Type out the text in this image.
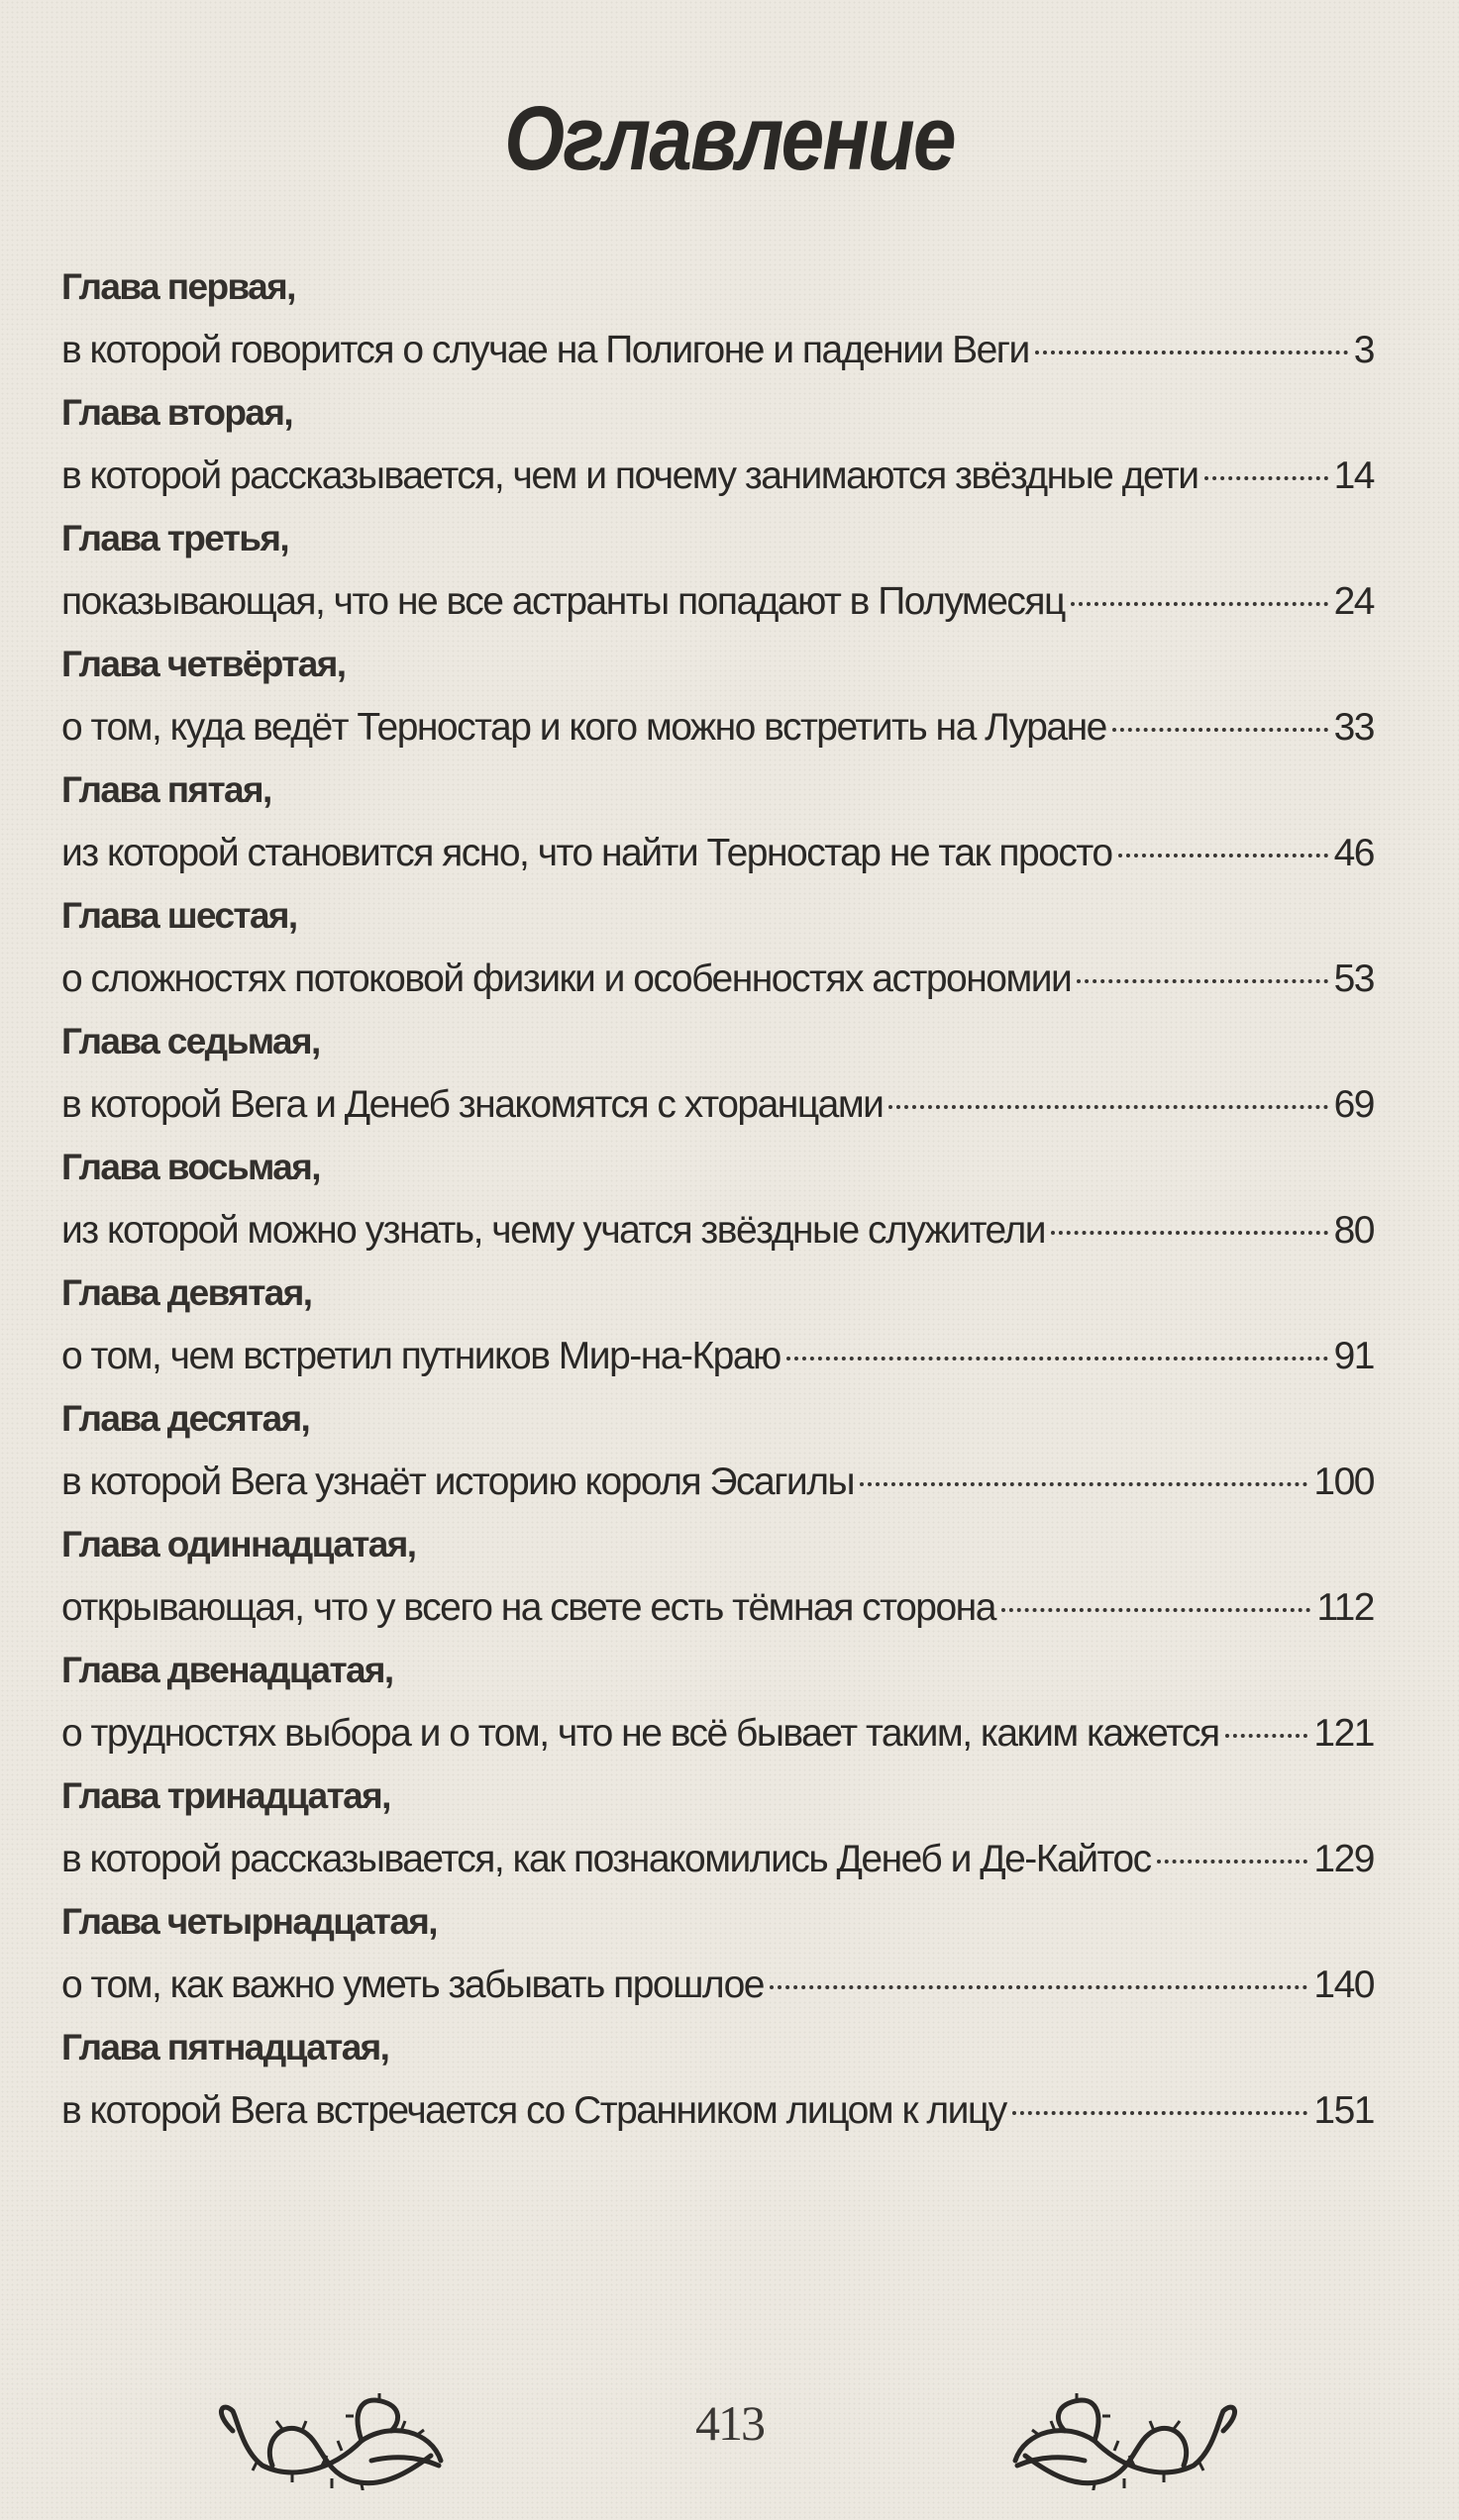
Оглавление
Глава первая,
в которой говорится о случае на Полигоне и падении Веги	3
Глава вторая,
в которой рассказывается, чем и почему занимаются звёздные дети	14
Глава третья,
показывающая, что не все астранты попадают в Полумесяц	24
Глава четвёртая,
о том, куда ведёт Терностар и кого можно встретить на Луране	33
Глава пятая,
из которой становится ясно, что найти Терностар не так просто	46
Глава шестая,
о сложностях потоковой физики и особенностях астрономии	53
Глава седьмая,
в которой Вега и Денеб знакомятся с хторанцами	69
Глава восьмая,
из которой можно узнать, чему учатся звёздные служители	80
Глава девятая,
о том, чем встретил путников Мир-на-Краю	91
Глава десятая,
в которой Вега узнаёт историю короля Эсагилы	100
Глава одиннадцатая,
открывающая, что у всего на свете есть тёмная сторона	112
Глава двенадцатая,
о трудностях выбора и о том, что не всё бывает таким, каким кажется 121
Глава тринадцатая,
в которой рассказывается, как познакомились Денеб и Де-Кайтос	129
Глава четырнадцатая,
о том, как важно уметь забывать прошлое	140
Глава пятнадцатая,
в которой Вега встречается со Странником лицом к лицу	151
413
